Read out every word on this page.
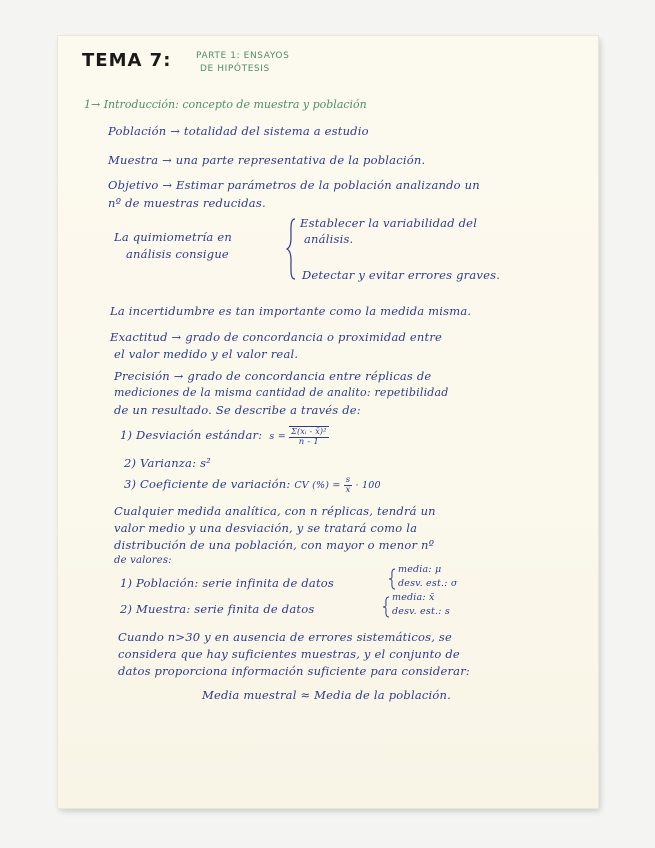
TEMA 7:	PARTE 1: ENSAYOS
DE HIPÓTESIS
1→ Introducción: concepto de muestra y población
Población → totalidad del sistema a estudio
Muestra → una parte representativa de la población.
Objetivo → Estimar parámetros de la población analizando un
nº de muestras reducidas.
La quimiometría en
análisis consigue
Establecer la variabilidad del
análisis.
Detectar y evitar errores graves.
La incertidumbre es tan importante como la medida misma.
Exactitud → grado de concordancia o proximidad entre
el valor medido y el valor real.
Precisión → grado de concordancia entre réplicas de
mediciones de la misma cantidad de analito: repetibilidad
de un resultado. Se describe a través de:
1) Desviación estándar: $s = \frac{\text{Σ(xᵢ - x̄)²}}{n - 1}$
2) Varianza: s²
3) Coeficiente de variación: CV (%) = $\frac{s}{x̄} \cdot 100$
Cualquier medida analítica, con n réplicas, tendrá un
valor medio y una desviación, y se tratará como la
distribución de una población, con mayor o menor nº
de valores:
1) Población: serie infinita de datos
media: μ
desv. est.: σ
2) Muestra: serie finita de datos
media: x̄
desv. est.: s
Cuando n>30 y en ausencia de errores sistemáticos, se
considera que hay suficientes muestras, y el conjunto de
datos proporciona información suficiente para considerar:
Media muestral ≈ Media de la población.
